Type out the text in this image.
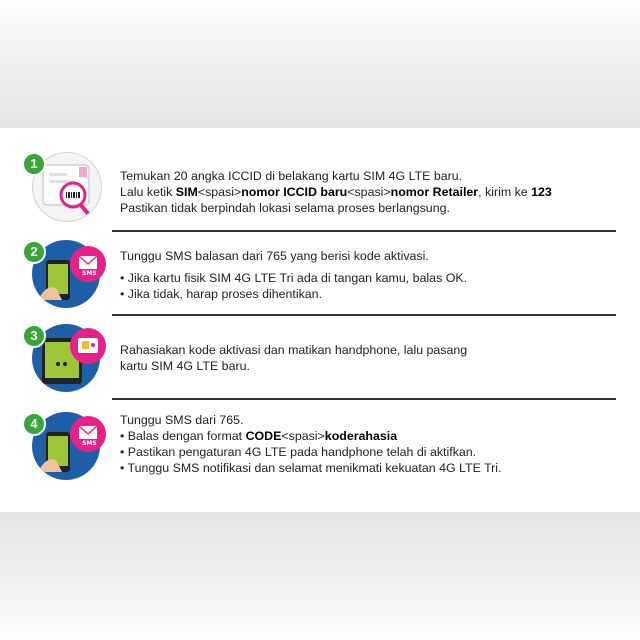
1

Temukan 20 angka ICCID di belakang kartu SIM 4G LTE baru.

Lalu ketik SIM<spasi>nomor ICCID baru<spasi>nomor Retailer, kirim ke 123

Pastikan tidak berpindah lokasi selama proses berlangsung.

2
SMS

Tunggu SMS balasan dari 765 yang berisi kode aktivasi.

• Jika kartu fisik SIM 4G LTE Tri ada di tangan kamu, balas OK.

• Jika tidak, harap proses dihentikan.

3

Rahasiakan kode aktivasi dan matikan handphone, lalu pasang

kartu SIM 4G LTE baru.

4
SMS

Tunggu SMS dari 765.

• Balas dengan format CODE<spasi>koderahasia

• Pastikan pengaturan 4G LTE pada handphone telah di aktifkan.

• Tunggu SMS notifikasi dan selamat menikmati kekuatan 4G LTE Tri.
